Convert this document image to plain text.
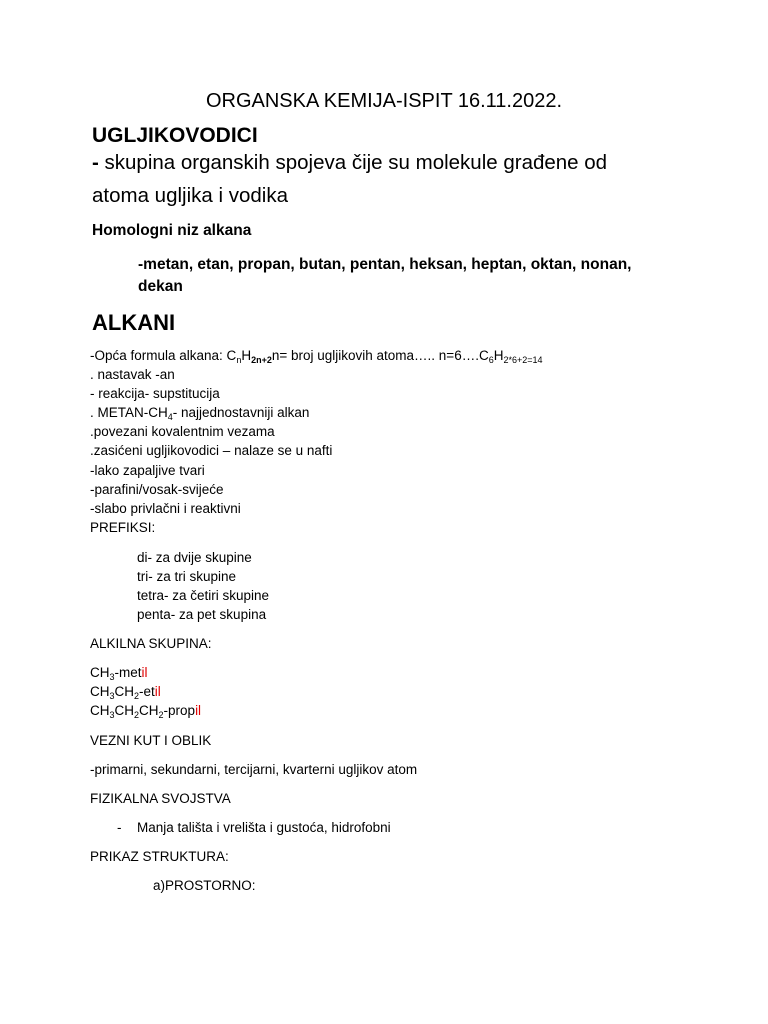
ORGANSKA KEMIJA-ISPIT 16.11.2022.
UGLJIKOVODICI
- skupina organskih spojeva čije su molekule građene od
atoma ugljika i vodika
Homologni niz alkana
-metan, etan, propan, butan, pentan, heksan, heptan, oktan, nonan,
dekan
ALKANI
-Opća formula alkana: $C_nH_{2n+2}n=$ broj ugljikovih atoma….. $n=6\dots.C_6H_{2*6+2=14}$
. nastavak -an
- reakcija- supstitucija
. METAN-$CH_4-$ najjednostavniji alkan
.povezani kovalentnim vezama
.zasićeni ugljikovodici – nalaze se u nafti
-lako zapaljive tvari
-parafini/vosak-svijeće
-slabo privlačni i reaktivni
PREFIKSI:
di- za dvije skupine
tri- za tri skupine
tetra- za četiri skupine
penta- za pet skupina
ALKILNA SKUPINA:
$CH_3$-metil
$CH_3CH_2$-etil
$CH_3CH_2CH_2$-propil
VEZNI KUT I OBLIK
-primarni, sekundarni, tercijarni, kvarterni ugljikov atom
FIZIKALNA SVOJSTVA
- Manja tališta i vrelišta i gustoća, hidrofobni
PRIKAZ STRUKTURA:
a)PROSTORNO:
